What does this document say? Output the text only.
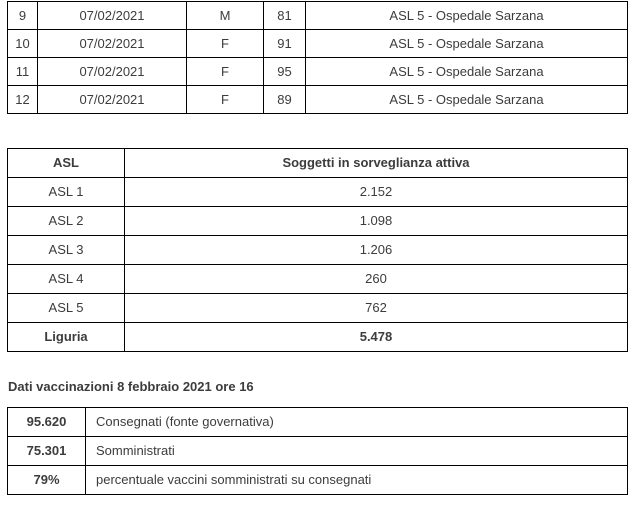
9	07/02/2021	M	81	ASL 5 - Ospedale Sarzana
10	07/02/2021	F	91	ASL 5 - Ospedale Sarzana
11	07/02/2021	F	95	ASL 5 - Ospedale Sarzana
12	07/02/2021	F	89	ASL 5 - Ospedale Sarzana
ASL	Soggetti in sorveglianza attiva
ASL 1	2.152
ASL 2	1.098
ASL 3	1.206
ASL 4	260
ASL 5	762
Liguria	5.478
Dati vaccinazioni 8 febbraio 2021 ore 16
95.620	Consegnati (fonte governativa)
75.301	Somministrati
79%	percentuale vaccini somministrati su consegnati
